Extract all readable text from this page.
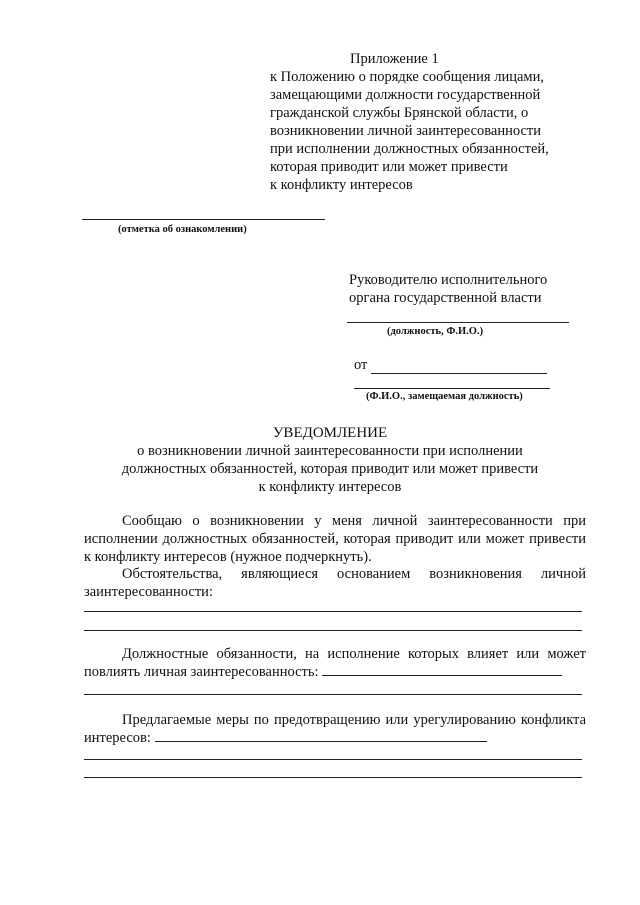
Приложение 1
к Положению о порядке сообщения лицами,
замещающими должности государственной
гражданской службы Брянской области, о
возникновении личной заинтересованности
при исполнении должностных обязанностей,
которая приводит или может привести
к конфликту интересов
(отметка об ознакомлении)
Руководителю исполнительного
органа государственной власти
(должность, Ф.И.О.)
от
(Ф.И.О., замещаемая должность)
УВЕДОМЛЕНИЕ
о возникновении личной заинтересованности при исполнении
должностных обязанностей, которая приводит или может привести
к конфликту интересов
Сообщаю о возникновении у меня личной заинтересованности при исполнении должностных обязанностей, которая приводит или может привести к конфликту интересов (нужное подчеркнуть).
Обстоятельства, являющиеся основанием возникновения личной заинтересованности:
Должностные обязанности, на исполнение которых влияет или может повлиять личная заинтересованность:
Предлагаемые меры по предотвращению или урегулированию конфликта интересов:
